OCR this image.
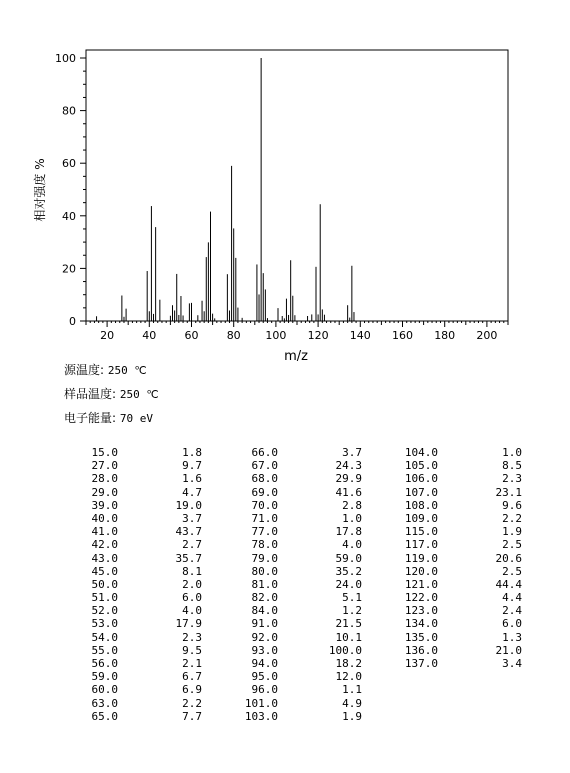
20	40	60	80 100 120 140 160 180 200
0
20
40
60
80
100
m/z
相对强度 %
源温度: 250 ℃
样品温度: 250 ℃
电子能量: 70 eV
15.0	1.8
27.0	9.7
28.0	1.6
29.0	4.7
39.0	19.0
40.0	3.7
41.0	43.7
42.0	2.7
43.0	35.7
45.0	8.1
50.0	2.0
51.0	6.0
52.0	4.0
53.0	17.9
54.0	2.3
55.0	9.5
56.0	2.1
59.0	6.7
60.0	6.9
63.0	2.2
65.0	7.7
66.0	3.7
67.0	24.3
68.0	29.9
69.0	41.6
70.0	2.8
71.0	1.0
77.0	17.8
78.0	4.0
79.0	59.0
80.0	35.2
81.0	24.0
82.0	5.1
84.0	1.2
91.0	21.5
92.0	10.1
93.0	100.0
94.0	18.2
95.0	12.0
96.0	1.1
101.0	4.9
103.0	1.9
104.0	1.0
105.0	8.5
106.0	2.3
107.0	23.1
108.0	9.6
109.0	2.2
115.0	1.9
117.0	2.5
119.0	20.6
120.0	2.5
121.0	44.4
122.0	4.4
123.0	2.4
134.0	6.0
135.0	1.3
136.0	21.0
137.0	3.4
